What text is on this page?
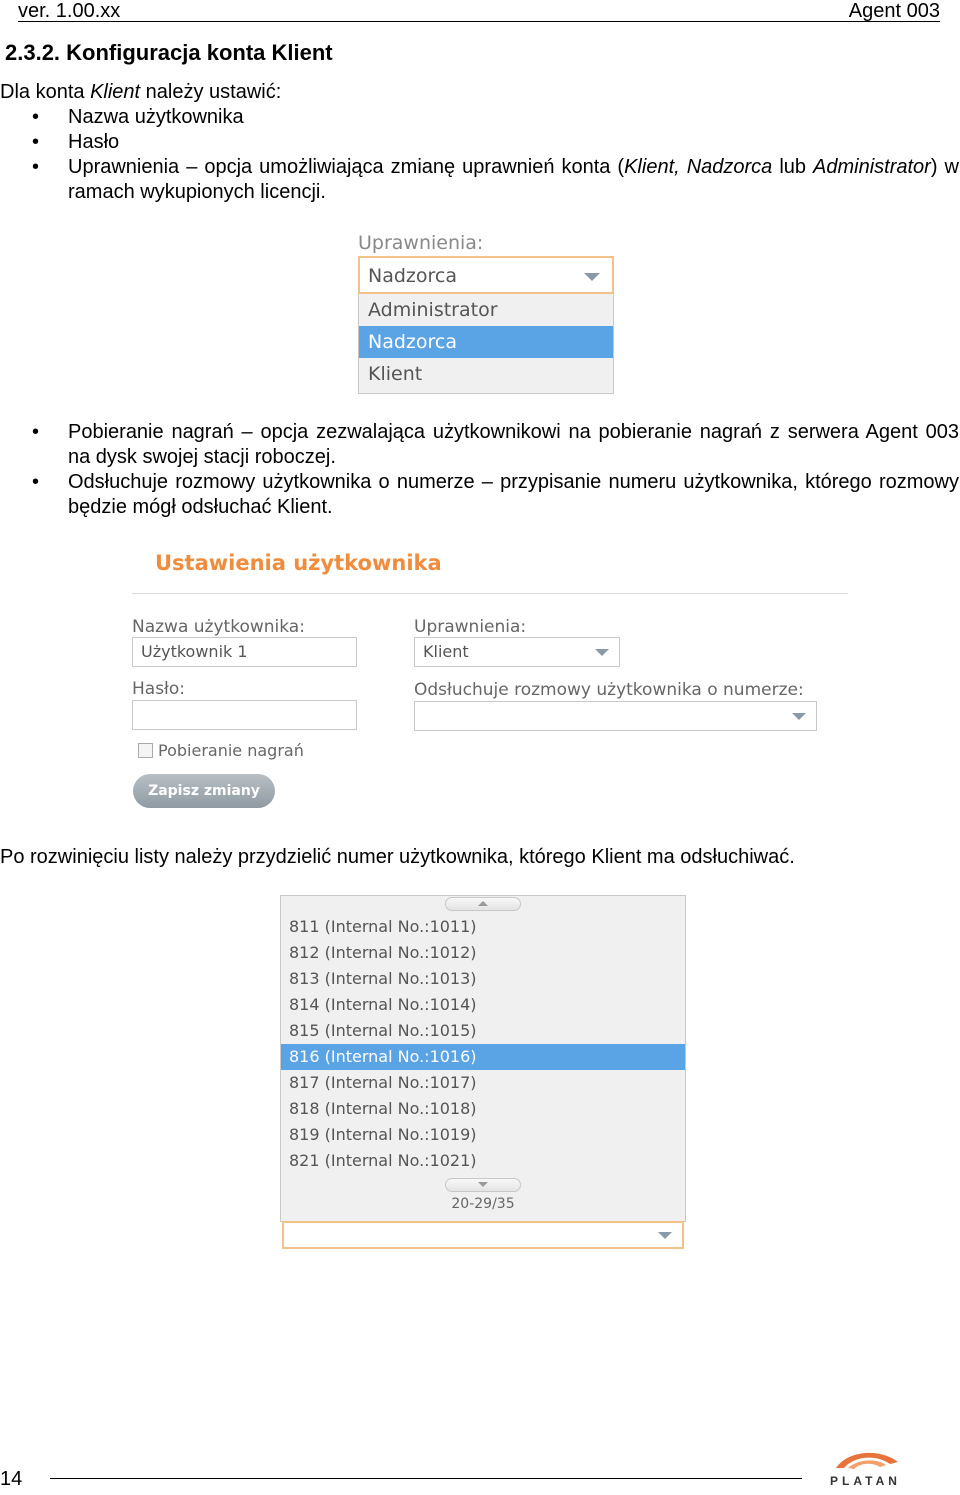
ver. 1.00.xx	Agent 003
2.3.2. Konfiguracja konta Klient
Dla konta Klient należy ustawić:
• Nazwa użytkownika
• Hasło
• Uprawnienia – opcja umożliwiająca zmianę uprawnień konta (Klient, Nadzorca lub Administrator) w ramach wykupionych licencji.
Uprawnienia:
Nadzorca
Administrator
Nadzorca
Klient
• Pobieranie nagrań – opcja zezwalająca użytkownikowi na pobieranie nagrań z serwera Agent 003 na dysk swojej stacji roboczej.
• Odsłuchuje rozmowy użytkownika o numerze – przypisanie numeru użytkownika, którego rozmowy będzie mógł odsłuchać Klient.
Ustawienia użytkownika
Nazwa użytkownika:
Użytkownik 1
Hasło:
Uprawnienia:
Klient
Odsłuchuje rozmowy użytkownika o numerze:
Pobieranie nagrań
Zapisz zmiany
Po rozwinięciu listy należy przydzielić numer użytkownika, którego Klient ma odsłuchiwać.
811 (Internal No.:1011)
812 (Internal No.:1012)
813 (Internal No.:1013)
814 (Internal No.:1014)
815 (Internal No.:1015)
816 (Internal No.:1016)
817 (Internal No.:1017)
818 (Internal No.:1018)
819 (Internal No.:1019)
821 (Internal No.:1021)
20-29/35
14	PLATAN
